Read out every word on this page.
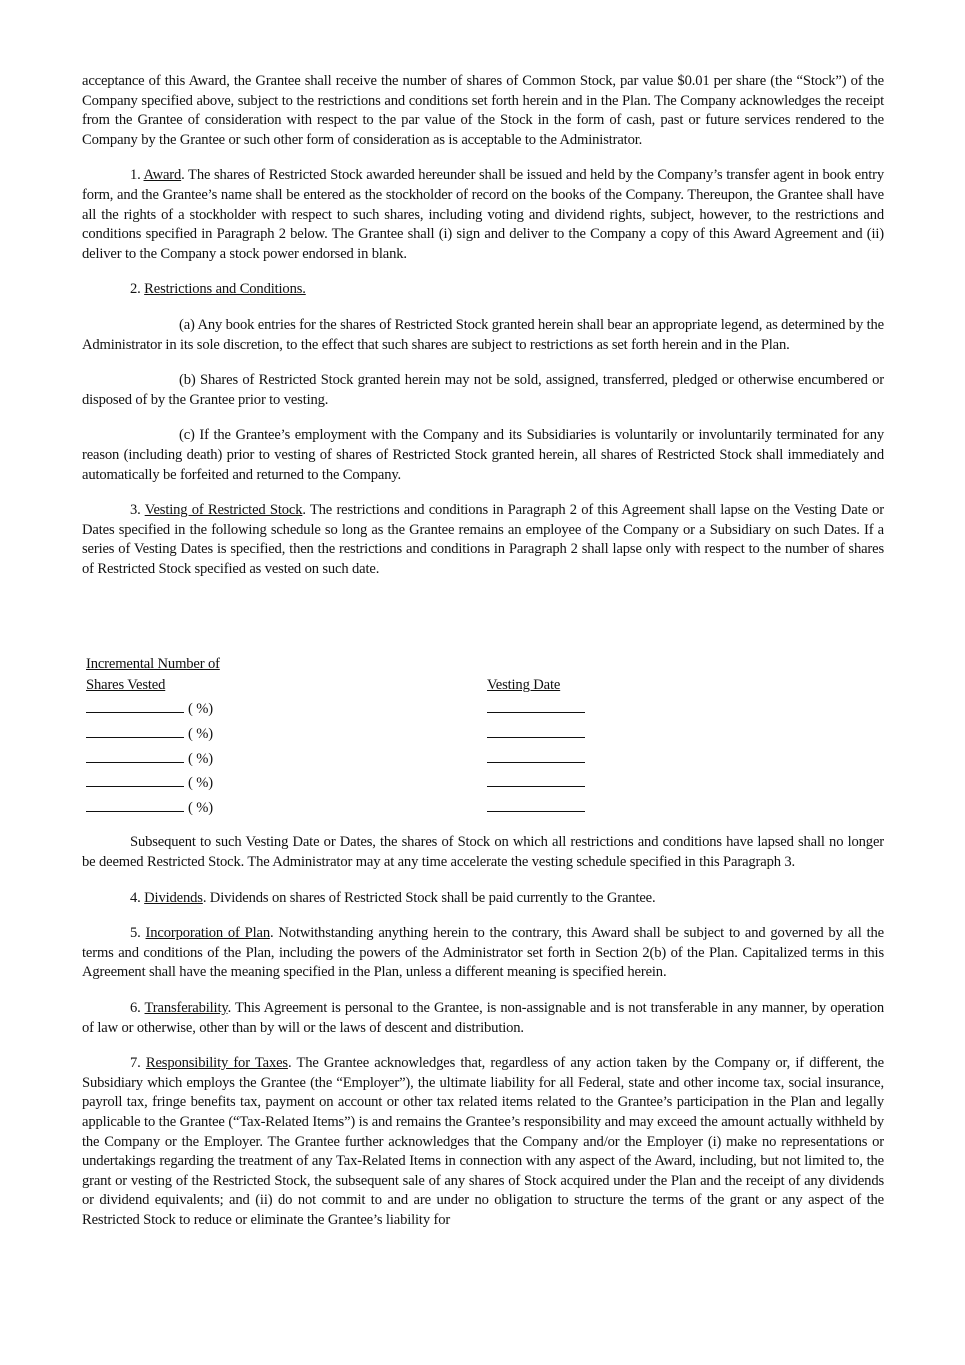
acceptance of this Award, the Grantee shall receive the number of shares of Common Stock, par value $0.01 per share (the “Stock”) of the Company specified above, subject to the restrictions and conditions set forth herein and in the Plan. The Company acknowledges the receipt from the Grantee of consideration with respect to the par value of the Stock in the form of cash, past or future services rendered to the Company by the Grantee or such other form of consideration as is acceptable to the Administrator.

1. Award. The shares of Restricted Stock awarded hereunder shall be issued and held by the Company’s transfer agent in book entry form, and the Grantee’s name shall be entered as the stockholder of record on the books of the Company. Thereupon, the Grantee shall have all the rights of a stockholder with respect to such shares, including voting and dividend rights, subject, however, to the restrictions and conditions specified in Paragraph 2 below. The Grantee shall (i) sign and deliver to the Company a copy of this Award Agreement and (ii) deliver to the Company a stock power endorsed in blank.

2. Restrictions and Conditions.

(a) Any book entries for the shares of Restricted Stock granted herein shall bear an appropriate legend, as determined by the Administrator in its sole discretion, to the effect that such shares are subject to restrictions as set forth herein and in the Plan.

(b) Shares of Restricted Stock granted herein may not be sold, assigned, transferred, pledged or otherwise encumbered or disposed of by the Grantee prior to vesting.

(c) If the Grantee’s employment with the Company and its Subsidiaries is voluntarily or involuntarily terminated for any reason (including death) prior to vesting of shares of Restricted Stock granted herein, all shares of Restricted Stock shall immediately and automatically be forfeited and returned to the Company.

3. Vesting of Restricted Stock. The restrictions and conditions in Paragraph 2 of this Agreement shall lapse on the Vesting Date or Dates specified in the following schedule so long as the Grantee remains an employee of the Company or a Subsidiary on such Dates. If a series of Vesting Dates is specified, then the restrictions and conditions in Paragraph 2 shall lapse only with respect to the number of shares of Restricted Stock specified as vested on such date.

Incremental Number of
Shares Vested
( %)
( %)
( %)
( %)
( %)
Vesting Date

Subsequent to such Vesting Date or Dates, the shares of Stock on which all restrictions and conditions have lapsed shall no longer be deemed Restricted Stock. The Administrator may at any time accelerate the vesting schedule specified in this Paragraph 3.

4. Dividends. Dividends on shares of Restricted Stock shall be paid currently to the Grantee.

5. Incorporation of Plan. Notwithstanding anything herein to the contrary, this Award shall be subject to and governed by all the terms and conditions of the Plan, including the powers of the Administrator set forth in Section 2(b) of the Plan. Capitalized terms in this Agreement shall have the meaning specified in the Plan, unless a different meaning is specified herein.

6. Transferability. This Agreement is personal to the Grantee, is non-assignable and is not transferable in any manner, by operation of law or otherwise, other than by will or the laws of descent and distribution.

7. Responsibility for Taxes. The Grantee acknowledges that, regardless of any action taken by the Company or, if different, the Subsidiary which employs the Grantee (the “Employer”), the ultimate liability for all Federal, state and other income tax, social insurance, payroll tax, fringe benefits tax, payment on account or other tax related items related to the Grantee’s participation in the Plan and legally applicable to the Grantee (“Tax-Related Items”) is and remains the Grantee’s responsibility and may exceed the amount actually withheld by the Company or the Employer. The Grantee further acknowledges that the Company and/or the Employer (i) make no representations or undertakings regarding the treatment of any Tax-Related Items in connection with any aspect of the Award, including, but not limited to, the grant or vesting of the Restricted Stock, the subsequent sale of any shares of Stock acquired under the Plan and the receipt of any dividends or dividend equivalents; and (ii) do not commit to and are under no obligation to structure the terms of the grant or any aspect of the Restricted Stock to reduce or eliminate the Grantee’s liability for
